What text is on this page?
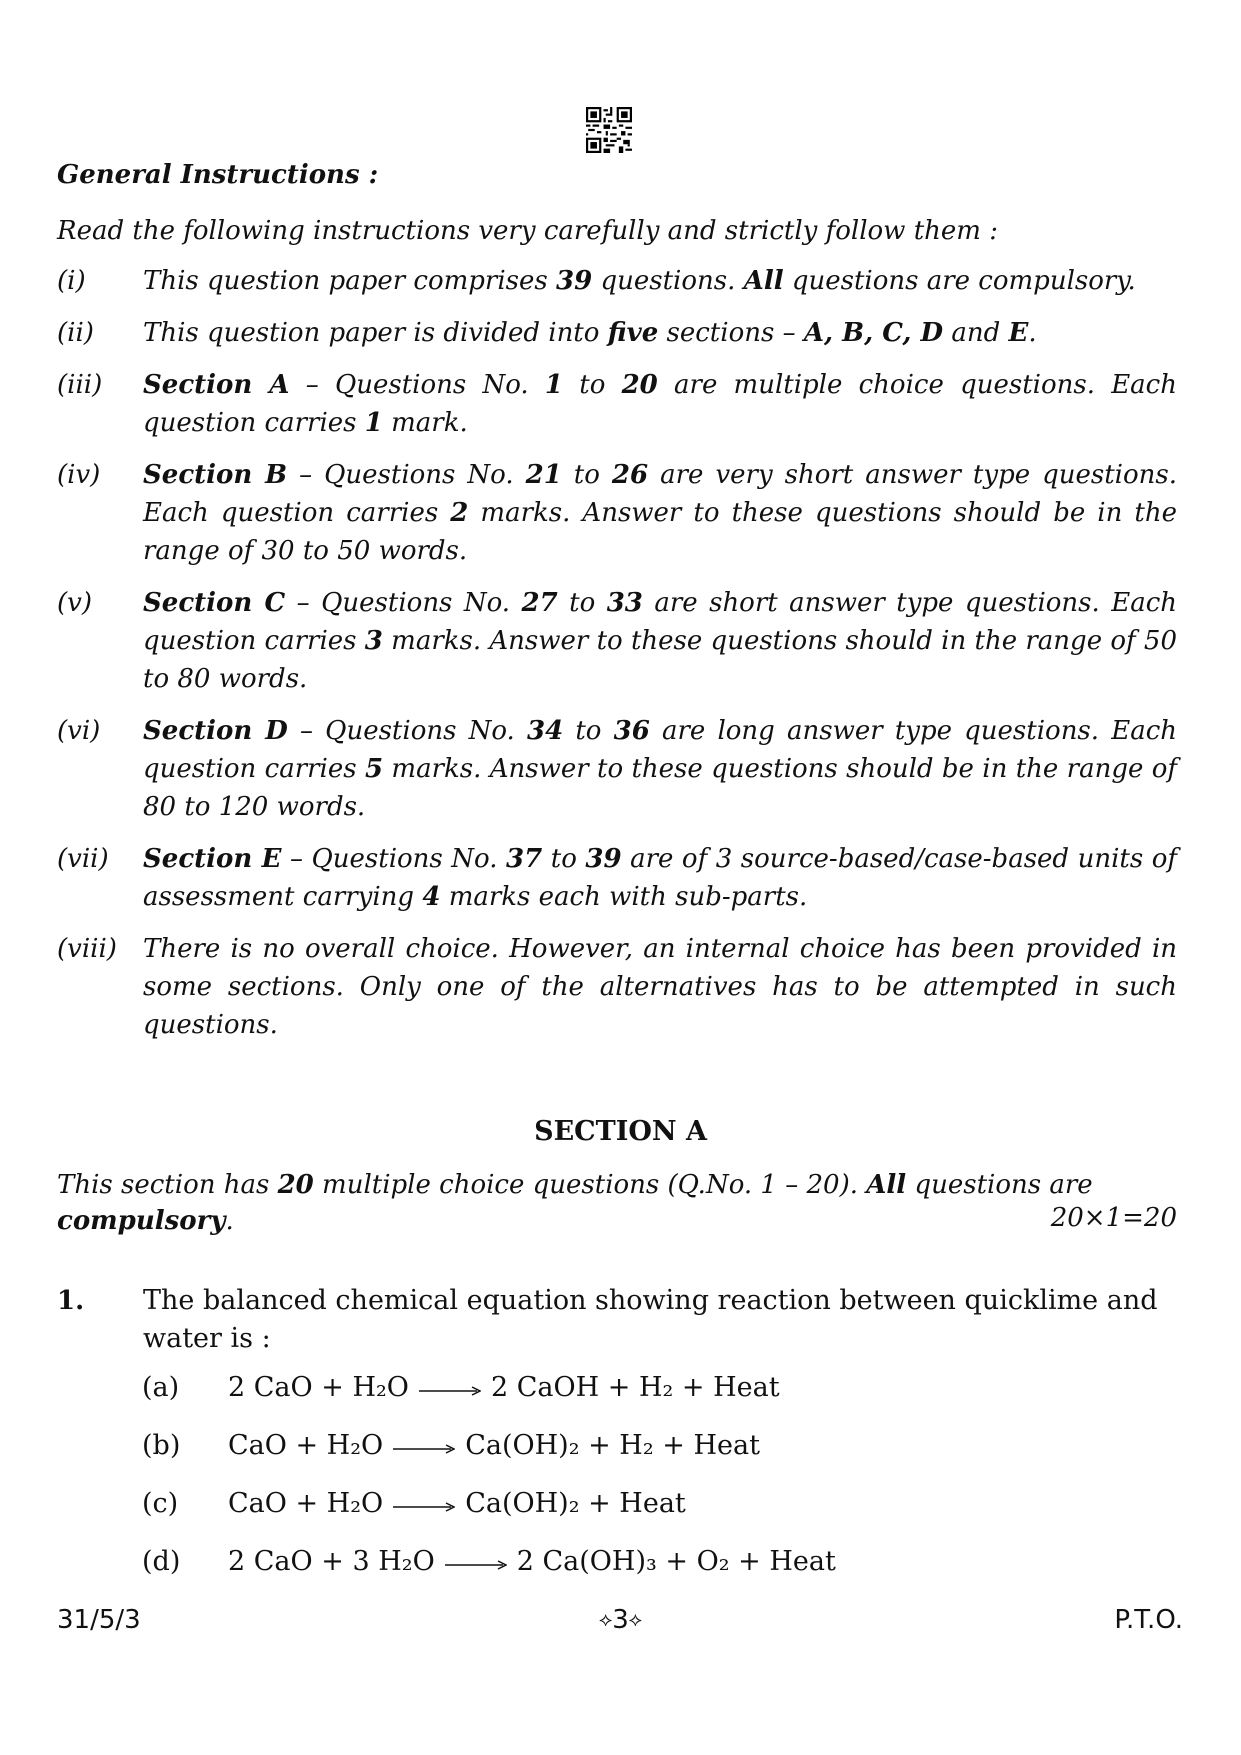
General Instructions :
Read the following instructions very carefully and strictly follow them :
(i)	This question paper comprises 39 questions. All questions are compulsory.
(ii)	This question paper is divided into five sections – A, B, C, D and E.
(iii)	Section A – Questions No. 1 to 20 are multiple choice questions. Each question carries 1 mark.
(iv)	Section B – Questions No. 21 to 26 are very short answer type questions. Each question carries 2 marks. Answer to these questions should be in the range of 30 to 50 words.
(v)	Section C – Questions No. 27 to 33 are short answer type questions. Each question carries 3 marks. Answer to these questions should in the range of 50 to 80 words.
(vi)	Section D – Questions No. 34 to 36 are long answer type questions. Each question carries 5 marks. Answer to these questions should be in the range of 80 to 120 words.
(vii)	Section E – Questions No. 37 to 39 are of 3 source-based/case-based units of assessment carrying 4 marks each with sub-parts.
(viii)	There is no overall choice. However, an internal choice has been provided in some sections. Only one of the alternatives has to be attempted in such questions.
SECTION A
This section has 20 multiple choice questions (Q.No. 1 – 20). All questions are
compulsory.	20×1=20
1.	The balanced chemical equation showing reaction between quicklime and water is :
(a)	2 CaO + H₂O → 2 CaOH + H₂ + Heat
(b)	CaO + H₂O → Ca(OH)₂ + H₂ + Heat
(c)	CaO + H₂O → Ca(OH)₂ + Heat
(d)	2 CaO + 3 H₂O → 2 Ca(OH)₃ + O₂ + Heat
31/5/3	⟡3⟡	P.T.O.
